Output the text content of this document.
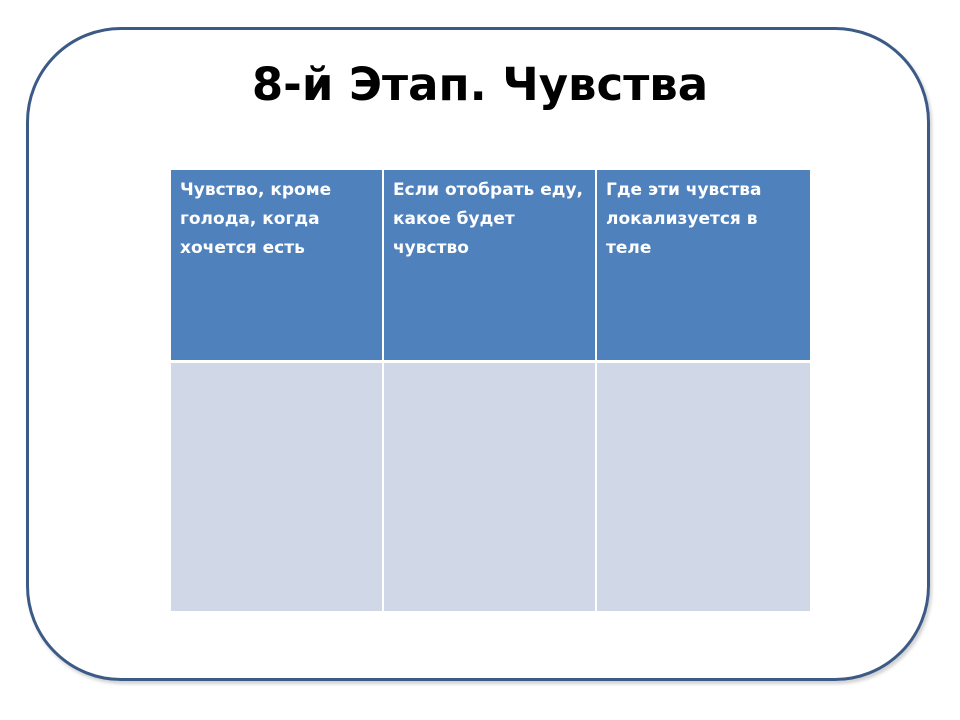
8-й Этап. Чувства
Чувство, кроме голода, когда хочется есть	Если отобрать еду, какое будет чувство	Где эти чувства локализуется в теле
